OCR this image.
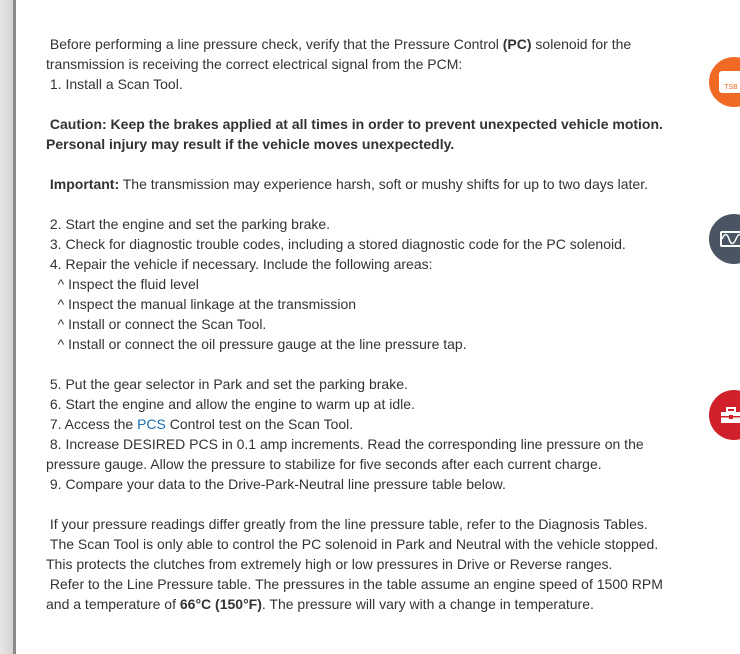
Before performing a line pressure check, verify that the Pressure Control (PC) solenoid for the

transmission is receiving the correct electrical signal from the PCM:

1. Install a Scan Tool.

Caution: Keep the brakes applied at all times in order to prevent unexpected vehicle motion.

Personal injury may result if the vehicle moves unexpectedly.

Important: The transmission may experience harsh, soft or mushy shifts for up to two days later.

2. Start the engine and set the parking brake.

3. Check for diagnostic trouble codes, including a stored diagnostic code for the PC solenoid.

4. Repair the vehicle if necessary. Include the following areas:

^ Inspect the fluid level

^ Inspect the manual linkage at the transmission

^ Install or connect the Scan Tool.

^ Install or connect the oil pressure gauge at the line pressure tap.

5. Put the gear selector in Park and set the parking brake.

6. Start the engine and allow the engine to warm up at idle.

7. Access the PCS Control test on the Scan Tool.

8. Increase DESIRED PCS in 0.1 amp increments. Read the corresponding line pressure on the

pressure gauge. Allow the pressure to stabilize for five seconds after each current charge.

9. Compare your data to the Drive-Park-Neutral line pressure table below.

If your pressure readings differ greatly from the line pressure table, refer to the Diagnosis Tables.

The Scan Tool is only able to control the PC solenoid in Park and Neutral with the vehicle stopped.

This protects the clutches from extremely high or low pressures in Drive or Reverse ranges.

Refer to the Line Pressure table. The pressures in the table assume an engine speed of 1500 RPM

and a temperature of 66°C (150°F). The pressure will vary with a change in temperature.

TSB
